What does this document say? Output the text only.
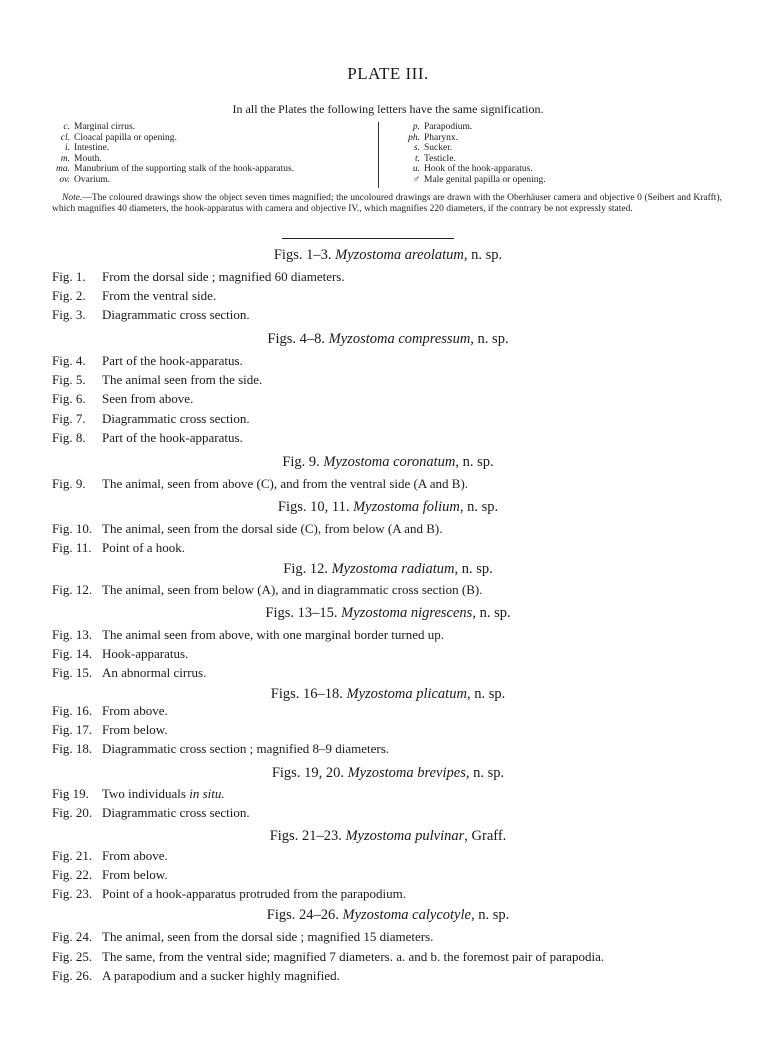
PLATE III.
In all the Plates the following letters have the same signification.
c. Marginal cirrus.
cl. Cloacal papilla or opening.
i. Intestine.
m. Mouth.
ma. Manubrium of the supporting stalk of the hook-apparatus.
ov. Ovarium.
p. Parapodium.
ph. Pharynx.
s. Sucker.
t. Testicle.
u. Hook of the hook-apparatus.
♂ Male genital papilla or opening.
Note.—The coloured drawings show the object seven times magnified; the uncoloured drawings are drawn with the Oberhäuser camera and objective 0 (Seibert and Krafft), which magnifies 40 diameters, the hook-apparatus with camera and objective IV., which magnifies 220 diameters, if the contrary be not expressly stated.
Figs. 1–3. Myzostoma areolatum, n. sp.
Fig. 1. From the dorsal side ; magnified 60 diameters.
Fig. 2. From the ventral side.
Fig. 3. Diagrammatic cross section.
Figs. 4–8. Myzostoma compressum, n. sp.
Fig. 4. Part of the hook-apparatus.
Fig. 5. The animal seen from the side.
Fig. 6. Seen from above.
Fig. 7. Diagrammatic cross section.
Fig. 8. Part of the hook-apparatus.
Fig. 9. Myzostoma coronatum, n. sp.
Fig. 9. The animal, seen from above (C), and from the ventral side (A and B).
Figs. 10, 11. Myzostoma folium, n. sp.
Fig. 10. The animal, seen from the dorsal side (C), from below (A and B).
Fig. 11. Point of a hook.
Fig. 12. Myzostoma radiatum, n. sp.
Fig. 12. The animal, seen from below (A), and in diagrammatic cross section (B).
Figs. 13–15. Myzostoma nigrescens, n. sp.
Fig. 13. The animal seen from above, with one marginal border turned up.
Fig. 14. Hook-apparatus.
Fig. 15. An abnormal cirrus.
Figs. 16–18. Myzostoma plicatum, n. sp.
Fig. 16. From above.
Fig. 17. From below.
Fig. 18. Diagrammatic cross section ; magnified 8–9 diameters.
Figs. 19, 20. Myzostoma brevipes, n. sp.
Fig 19. Two individuals in situ.
Fig. 20. Diagrammatic cross section.
Figs. 21–23. Myzostoma pulvinar, Graff.
Fig. 21. From above.
Fig. 22. From below.
Fig. 23. Point of a hook-apparatus protruded from the parapodium.
Figs. 24–26. Myzostoma calycotyle, n. sp.
Fig. 24. The animal, seen from the dorsal side ; magnified 15 diameters.
Fig. 25. The same, from the ventral side; magnified 7 diameters. a. and b. the foremost pair of parapodia.
Fig. 26. A parapodium and a sucker highly magnified.
